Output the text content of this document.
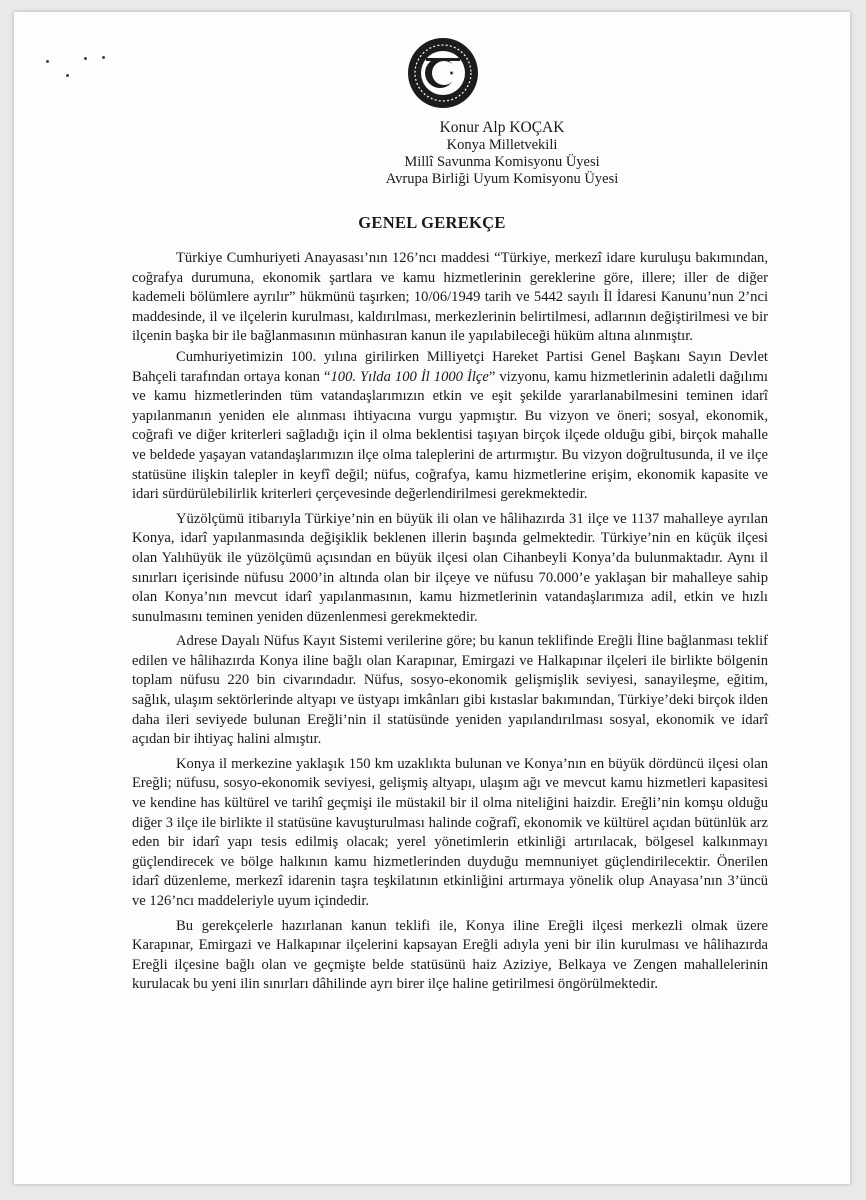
Konur Alp KOÇAK
Konya Milletvekili
Millî Savunma Komisyonu Üyesi
Avrupa Birliği Uyum Komisyonu Üyesi
GENEL GEREKÇE

Türkiye Cumhuriyeti Anayasası’nın 126’ncı maddesi “Türkiye, merkezî idare kuruluşu bakımından, coğrafya durumuna, ekonomik şartlara ve kamu hizmetlerinin gereklerine göre, illere; iller de diğer kademeli bölümlere ayrılır” hükmünü taşırken; 10/06/1949 tarih ve 5442 sayılı İl İdaresi Kanunu’nun 2’nci maddesinde, il ve ilçelerin kurulması, kaldırılması, merkezlerinin belirtilmesi, adlarının değiştirilmesi ve bir ilçenin başka bir ile bağlanmasının münhasıran kanun ile yapılabileceği hüküm altına alınmıştır.

Cumhuriyetimizin 100. yılına girilirken Milliyetçi Hareket Partisi Genel Başkanı Sayın Devlet Bahçeli tarafından ortaya konan “100. Yılda 100 İl 1000 İlçe” vizyonu, kamu hizmetlerinin adaletli dağılımı ve kamu hizmetlerinden tüm vatandaşlarımızın etkin ve eşit şekilde yararlanabilmesini teminen idarî yapılanmanın yeniden ele alınması ihtiyacına vurgu yapmıştır. Bu vizyon ve öneri; sosyal, ekonomik, coğrafi ve diğer kriterleri sağladığı için il olma beklentisi taşıyan birçok ilçede olduğu gibi, birçok mahalle ve beldede yaşayan vatandaşlarımızın ilçe olma taleplerini de artırmıştır. Bu vizyon doğrultusunda, il ve ilçe statüsüne ilişkin talepler in keyfî değil; nüfus, coğrafya, kamu hizmetlerine erişim, ekonomik kapasite ve idari sürdürülebilirlik kriterleri çerçevesinde değerlendirilmesi gerekmektedir.

Yüzölçümü itibarıyla Türkiye’nin en büyük ili olan ve hâlihazırda 31 ilçe ve 1137 mahalleye ayrılan Konya, idarî yapılanmasında değişiklik beklenen illerin başında gelmektedir. Türkiye’nin en küçük ilçesi olan Yalıhüyük ile yüzölçümü açısından en büyük ilçesi olan Cihanbeyli Konya’da bulunmaktadır. Aynı il sınırları içerisinde nüfusu 2000’in altında olan bir ilçeye ve nüfusu 70.000’e yaklaşan bir mahalleye sahip olan Konya’nın mevcut idarî yapılanmasının, kamu hizmetlerinin vatandaşlarımıza adil, etkin ve hızlı sunulmasını teminen yeniden düzenlenmesi gerekmektedir.

Adrese Dayalı Nüfus Kayıt Sistemi verilerine göre; bu kanun teklifinde Ereğli İline bağlanması teklif edilen ve hâlihazırda Konya iline bağlı olan Karapınar, Emirgazi ve Halkapınar ilçeleri ile birlikte bölgenin toplam nüfusu 220 bin civarındadır. Nüfus, sosyo-ekonomik gelişmişlik seviyesi, sanayileşme, eğitim, sağlık, ulaşım sektörlerinde altyapı ve üstyapı imkânları gibi kıstaslar bakımından, Türkiye’deki birçok ilden daha ileri seviyede bulunan Ereğli’nin il statüsünde yeniden yapılandırılması sosyal, ekonomik ve idarî açıdan bir ihtiyaç halini almıştır.

Konya il merkezine yaklaşık 150 km uzaklıkta bulunan ve Konya’nın en büyük dördüncü ilçesi olan Ereğli; nüfusu, sosyo-ekonomik seviyesi, gelişmiş altyapı, ulaşım ağı ve mevcut kamu hizmetleri kapasitesi ve kendine has kültürel ve tarihî geçmişi ile müstakil bir il olma niteliğini haizdir. Ereğli’nin komşu olduğu diğer 3 ilçe ile birlikte il statüsüne kavuşturulması halinde coğrafî, ekonomik ve kültürel açıdan bütünlük arz eden bir idarî yapı tesis edilmiş olacak; yerel yönetimlerin etkinliği artırılacak, bölgesel kalkınmayı güçlendirecek ve bölge halkının kamu hizmetlerinden duyduğu memnuniyet güçlendirilecektir. Önerilen idarî düzenleme, merkezî idarenin taşra teşkilatının etkinliğini artırmaya yönelik olup Anayasa’nın 3’üncü ve 126’ncı maddeleriyle uyum içindedir.

Bu gerekçelerle hazırlanan kanun teklifi ile, Konya iline Ereğli ilçesi merkezli olmak üzere Karapınar, Emirgazi ve Halkapınar ilçelerini kapsayan Ereğli adıyla yeni bir ilin kurulması ve hâlihazırda Ereğli ilçesine bağlı olan ve geçmişte belde statüsünü haiz Aziziye, Belkaya ve Zengen mahallelerinin kurulacak bu yeni ilin sınırları dâhilinde ayrı birer ilçe haline getirilmesi öngörülmektedir.
